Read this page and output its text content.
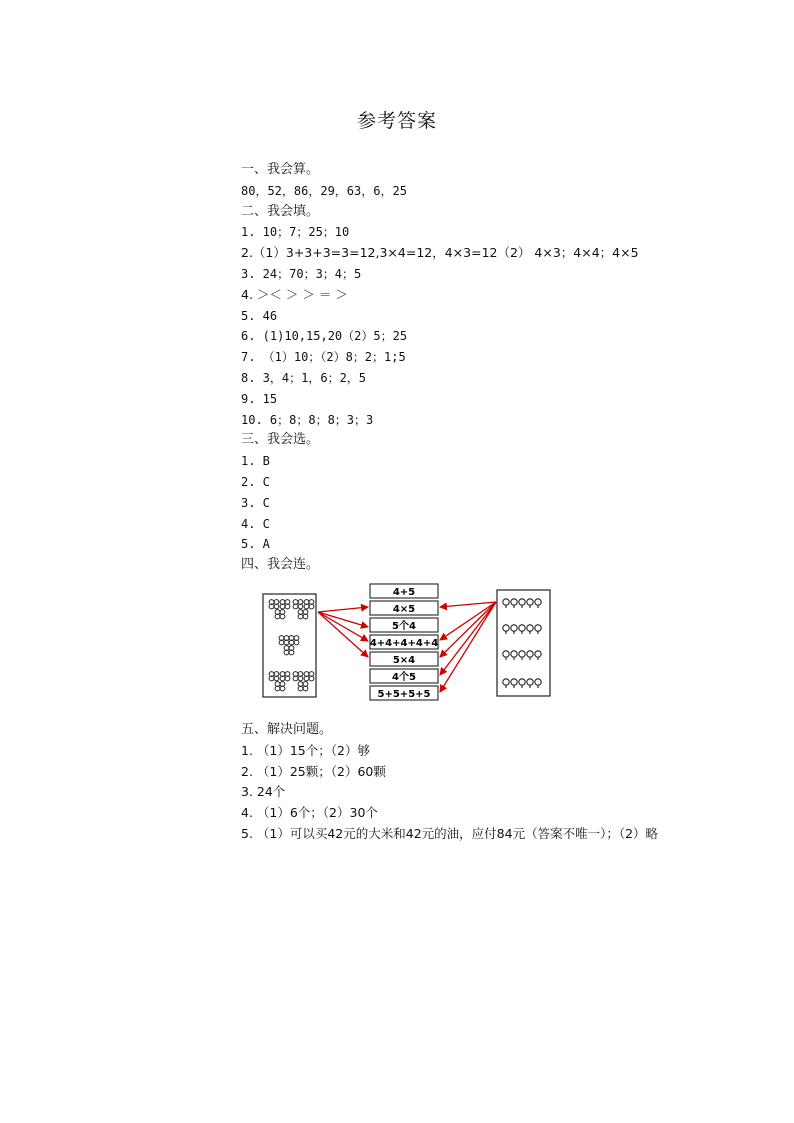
参考答案
一、我会算。
80，52，86，29，63，6，25
二、我会填。
1. 10；7；25；10
2.（1）3+3+3=3=12,3×4=12，4×3=12（2） 4×3；4×4；4×5
3. 24；70；3；4；5
4. ＞＜ ＞ ＞ ＝ ＞
5. 46
6. (1)10,15,20（2）5；25
7. （1）10；（2）8；2；1;5
8. 3，4；1，6；2，5
9. 15
10. 6；8；8；8；3；3
三、我会选。
1. B
2. C
3. C
4. C
5. A
四、我会连。
4+5
4×5
5个4
4+4+4+4+4
5×4
4个5
5+5+5+5
五、解决问题。
1. （1）15个；（2）够
2. （1）25颗；（2）60颗
3. 24个
4. （1）6个；（2）30个
5. （1）可以买42元的大米和42元的油，应付84元（答案不唯一）；（2）略
